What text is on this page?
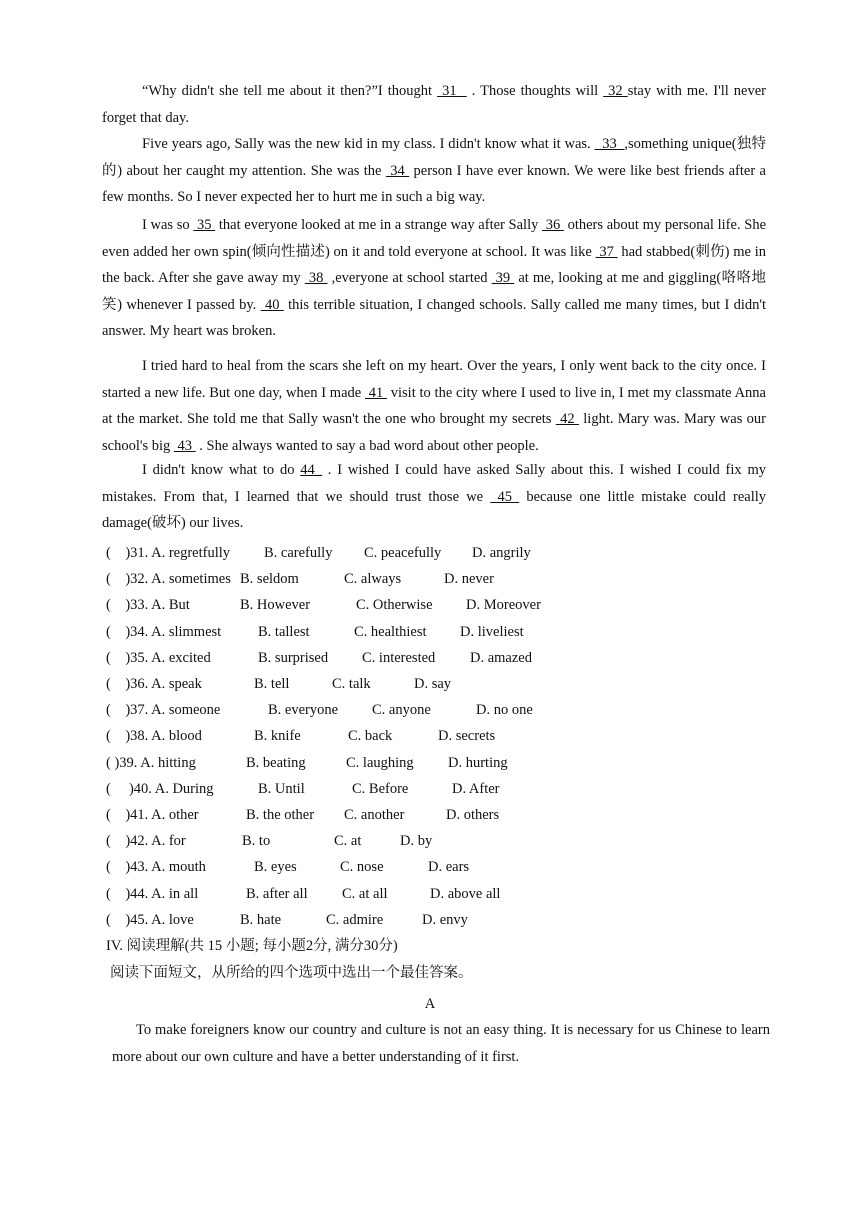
“Why didn't she tell me about it then?”I thought  31   . Those thoughts will  32 stay with me. I'll never forget that day.

Five years ago, Sally was the new kid in my class. I didn't know what it was.   33  ,something unique(独特的) about her caught my attention. She was the  34  person I have ever known. We were like best friends after a few months. So I never expected her to hurt me in such a big way.

I was so  35  that everyone looked at me in a strange way after Sally  36  others about my personal life. She even added her own spin(倾向性描述) on it and told everyone at school. It was like  37  had stabbed(刺伤) me in the back. After she gave away my  38  ,everyone at school started  39  at me, looking at me and giggling(咯咯地笑) whenever I passed by.  40  this terrible situation, I changed schools. Sally called me many times, but I didn't answer. My heart was broken.

I tried hard to heal from the scars she left on my heart. Over the years, I only went back to the city once. I started a new life. But one day, when I made  41  visit to the city where I used to live in, I met my classmate Anna at the market. She told me that Sally wasn't the one who brought my secrets  42  light. Mary was. Mary was our school's big  43  . She always wanted to say a bad word about other people.

I didn't know what to do 44_ . I wished I could have asked Sally about this. I wished I could fix my mistakes. From that, I learned that we should trust those we  45  because one little mistake could really damage(破坏) our lives.

(    )31. A. regretfully B. carefully C. peacefully D. angrily
(    )32. A. sometimes B. seldom	C. always	D. never
(    )33. A. But	B. However	C. Otherwise D. Moreover
(    )34. A. slimmest	B. tallest	C. healthiest D. liveliest
(    )35. A. excited	B. surprised C. interested D. amazed
(    )36. A. speak	B. tell	C. talk	D. say
(    )37. A. someone	B. everyone C. anyone	D. no one
(    )38. A. blood	B. knife	C. back	D. secrets
( )39. A. hitting	B. beating	C. laughing D. hurting
(     )40. A. During	B. Until	C. Before	D. After
(    )41. A. other	B. the other C. another	D. others
(    )42. A. for	B. to	C. at	D. by
(    )43. A. mouth	B. eyes	C. nose	D. ears
(    )44. A. in all	B. after all C. at all	D. above all
(    )45. A. love	B. hate	C. admire	D. envy
IV. 阅读理解(共 15 小题; 每小题2分, 满分30分)
阅读下面短文，从所给的四个选项中选出一个最佳答案。
A

To make foreigners know our country and culture is not an easy thing. It is necessary for us Chinese to learn more about our own culture and have a better understanding of it first.
